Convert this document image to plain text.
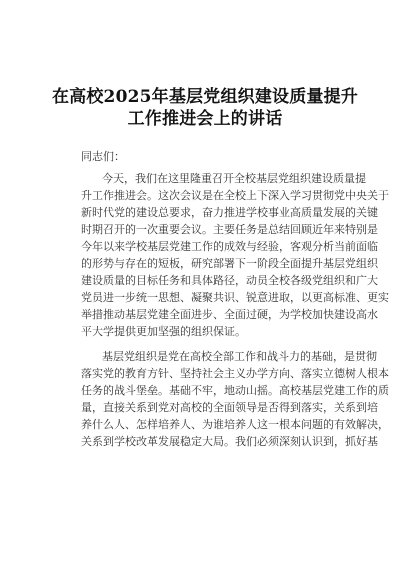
在高校2025年基层党组织建设质量提升
工作推进会上的讲话
同志们：
今天，我们在这里隆重召开全校基层党组织建设质量提
升工作推进会。这次会议是在全校上下深入学习贯彻党中央关于
新时代党的建设总要求，奋力推进学校事业高质量发展的关键
时期召开的一次重要会议。主要任务是总结回顾近年来特别是
今年以来学校基层党建工作的成效与经验，客观分析当前面临
的形势与存在的短板，研究部署下一阶段全面提升基层党组织
建设质量的目标任务和具体路径，动员全校各级党组织和广大
党员进一步统一思想、凝聚共识、锐意进取，以更高标准、更实
举措推动基层党建全面进步、全面过硬，为学校加快建设高水
平大学提供更加坚强的组织保证。
基层党组织是党在高校全部工作和战斗力的基础，是贯彻
落实党的教育方针、坚持社会主义办学方向、落实立德树人根本
任务的战斗堡垒。基础不牢，地动山摇。高校基层党建工作的质
量，直接关系到党对高校的全面领导是否得到落实，关系到培
养什么人、怎样培养人、为谁培养人这一根本问题的有效解决，
关系到学校改革发展稳定大局。我们必须深刻认识到，抓好基
